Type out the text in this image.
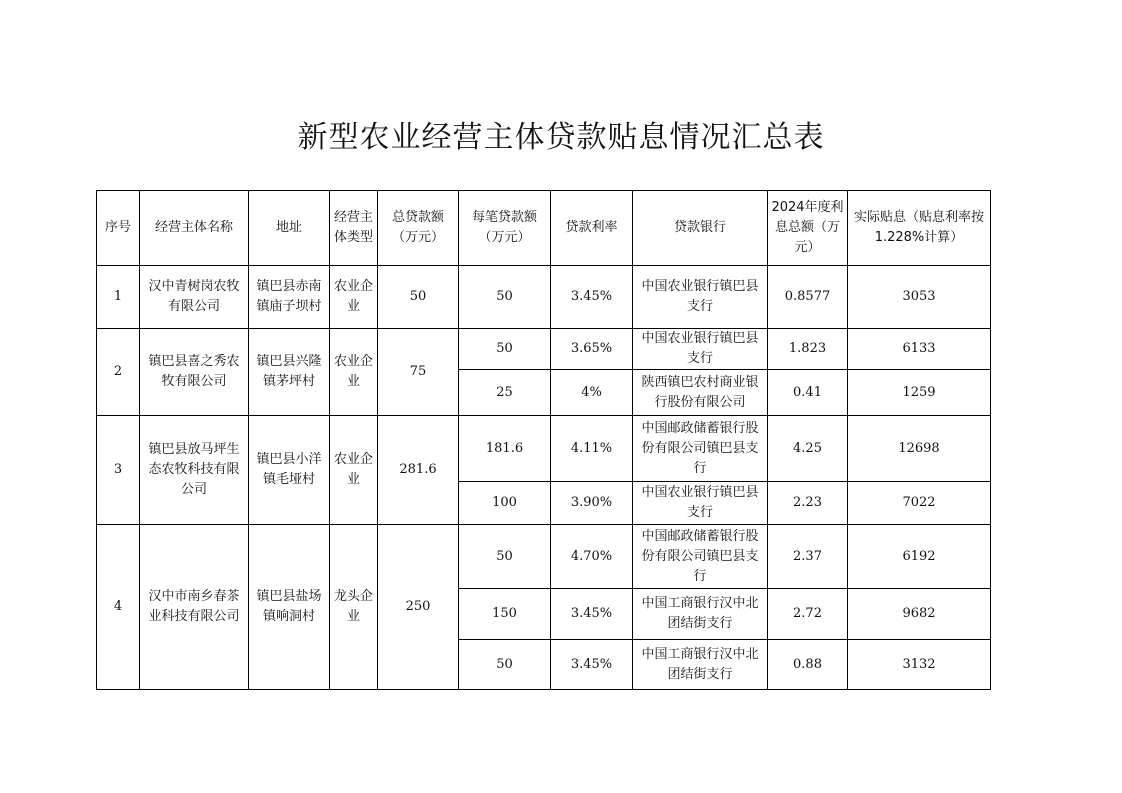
新型农业经营主体贷款贴息情况汇总表
序号	经营主体名称	地址	经营主体类型	总贷款额（万元）	每笔贷款额（万元）	贷款利率	贷款银行	2024年度利息总额（万元）	实际贴息（贴息利率按1.228%计算）
1	汉中青树岗农牧有限公司	镇巴县赤南镇庙子坝村	农业企业	50	50	3.45%	中国农业银行镇巴县支行	0.8577	3053
2	镇巴县喜之秀农牧有限公司	镇巴县兴隆镇茅坪村	农业企业	75	50	3.65%	中国农业银行镇巴县支行	1.823	6133
					25	4%	陕西镇巴农村商业银行股份有限公司	0.41	1259
3	镇巴县放马坪生态农牧科技有限公司	镇巴县小洋镇毛垭村	农业企业	281.6	181.6	4.11%	中国邮政储蓄银行股份有限公司镇巴县支行	4.25	12698
					100	3.90%	中国农业银行镇巴县支行	2.23	7022
4	汉中市南乡春茶业科技有限公司	镇巴县盐场镇响洞村	龙头企业	250	50	4.70%	中国邮政储蓄银行股份有限公司镇巴县支行	2.37	6192
					150	3.45%	中国工商银行汉中北团结街支行	2.72	9682
					50	3.45%	中国工商银行汉中北团结街支行	0.88	3132
